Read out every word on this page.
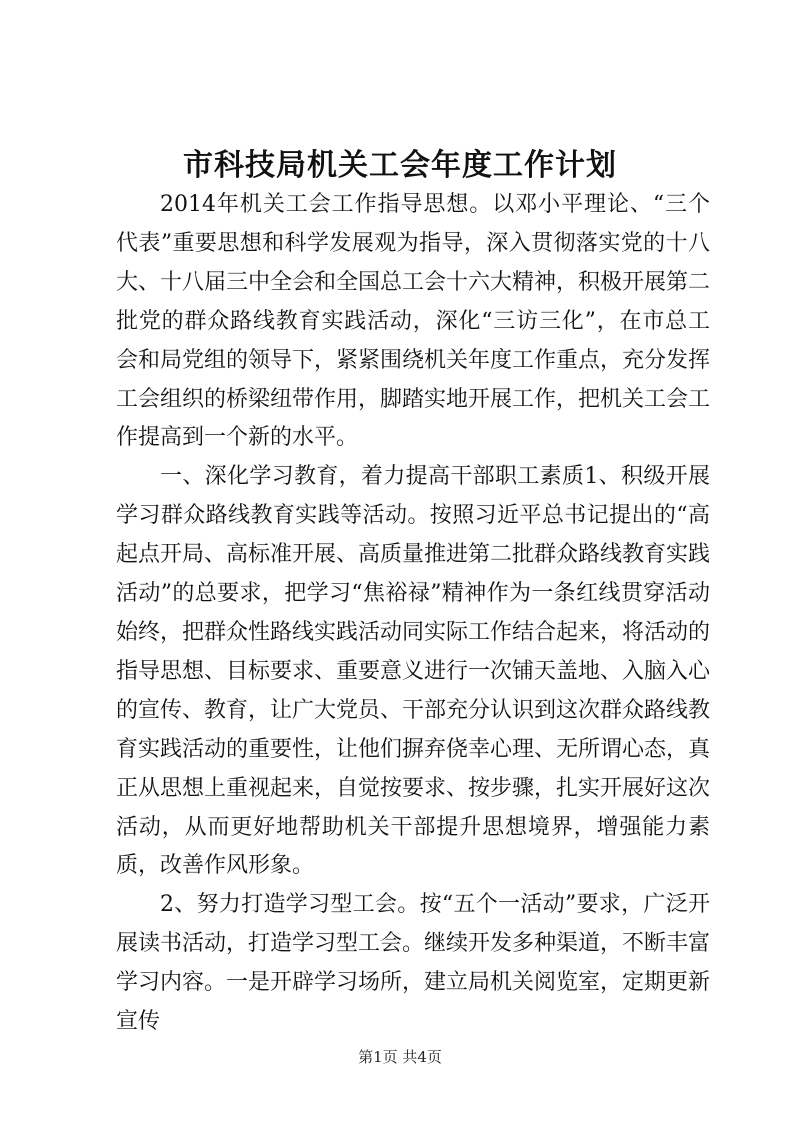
市科技局机关工会年度工作计划

2014年机关工会工作指导思想。以邓小平理论、“三个代表”重要思想和科学发展观为指导，深入贯彻落实党的十八大、十八届三中全会和全国总工会十六大精神，积极开展第二批党的群众路线教育实践活动，深化“三访三化”，在市总工会和局党组的领导下，紧紧围绕机关年度工作重点，充分发挥工会组织的桥梁纽带作用，脚踏实地开展工作，把机关工会工作提高到一个新的水平。

一、深化学习教育，着力提高干部职工素质1、积级开展学习群众路线教育实践等活动。按照习近平总书记提出的“高起点开局、高标准开展、高质量推进第二批群众路线教育实践活动”的总要求，把学习“焦裕禄”精神作为一条红线贯穿活动始终，把群众性路线实践活动同实际工作结合起来，将活动的指导思想、目标要求、重要意义进行一次铺天盖地、入脑入心的宣传、教育，让广大党员、干部充分认识到这次群众路线教育实践活动的重要性，让他们摒弃侥幸心理、无所谓心态，真正从思想上重视起来，自觉按要求、按步骤，扎实开展好这次活动，从而更好地帮助机关干部提升思想境界，增强能力素质，改善作风形象。

2、努力打造学习型工会。按“五个一活动”要求，广泛开展读书活动，打造学习型工会。继续开发多种渠道，不断丰富学习内容。一是开辟学习场所，建立局机关阅览室，定期更新宣传

第1页 共4页
